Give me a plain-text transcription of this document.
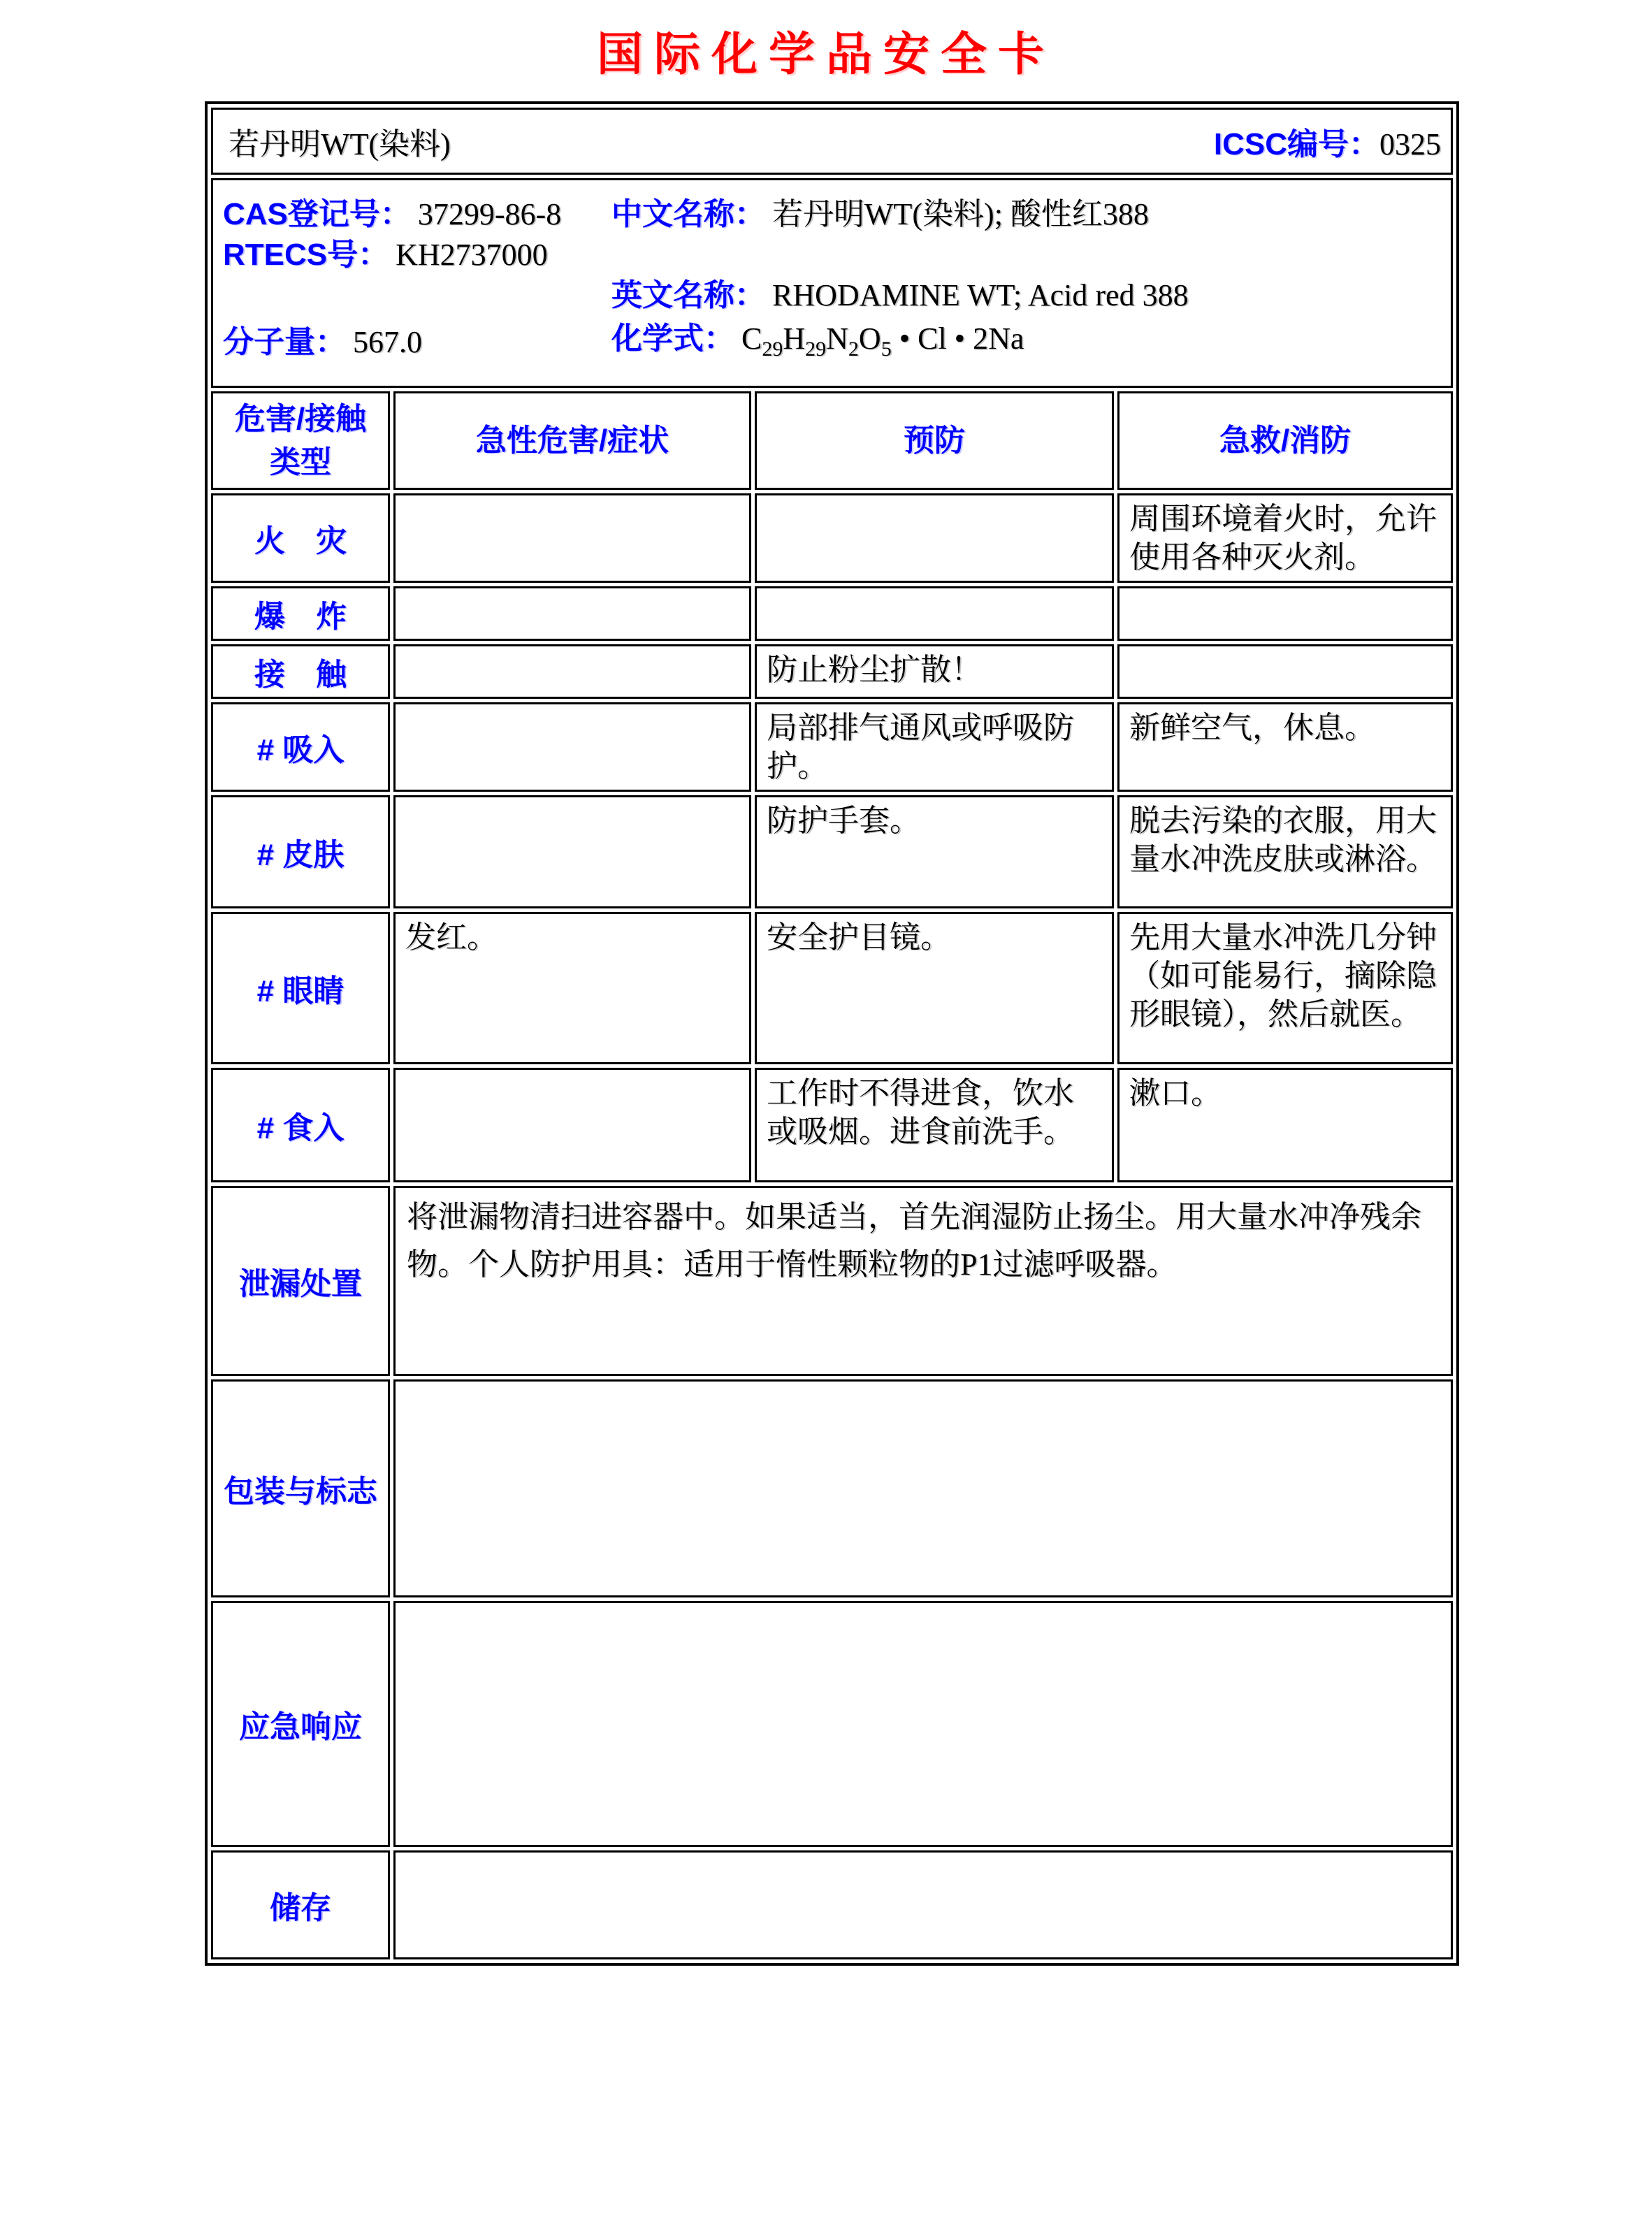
国际化学品安全卡
若丹明WT(染料) ICSC编号：0325			

CAS登记号： 37299-86-8
RTECS号： KH2737000
分子量： 567.0
中文名称： 若丹明WT(染料); 酸性红388
英文名称： RHODAMINE WT; Acid red 388
化学式： $C_{29}H_{29}N_2O_5$ • Cl • 2Na

危害/接触类型	急性危害/症状	预防	急救/消防
火　灾			周围环境着火时，允许使用各种灭火剂。
爆　炸			
接　触		防止粉尘扩散！	
# 吸入		局部排气通风或呼吸防护。	新鲜空气，休息。
# 皮肤		防护手套。	脱去污染的衣服，用大量水冲洗皮肤或淋浴。
# 眼睛	发红。	安全护目镜。	先用大量水冲洗几分钟（如可能易行，摘除隐形眼镜），然后就医。
# 食入		工作时不得进食，饮水或吸烟。进食前洗手。	漱口。
泄漏处置	将泄漏物清扫进容器中。如果适当，首先润湿防止扬尘。用大量水冲净残余物。个人防护用具：适用于惰性颗粒物的P1过滤呼吸器。		
包装与标志			
应急响应			
储存			
